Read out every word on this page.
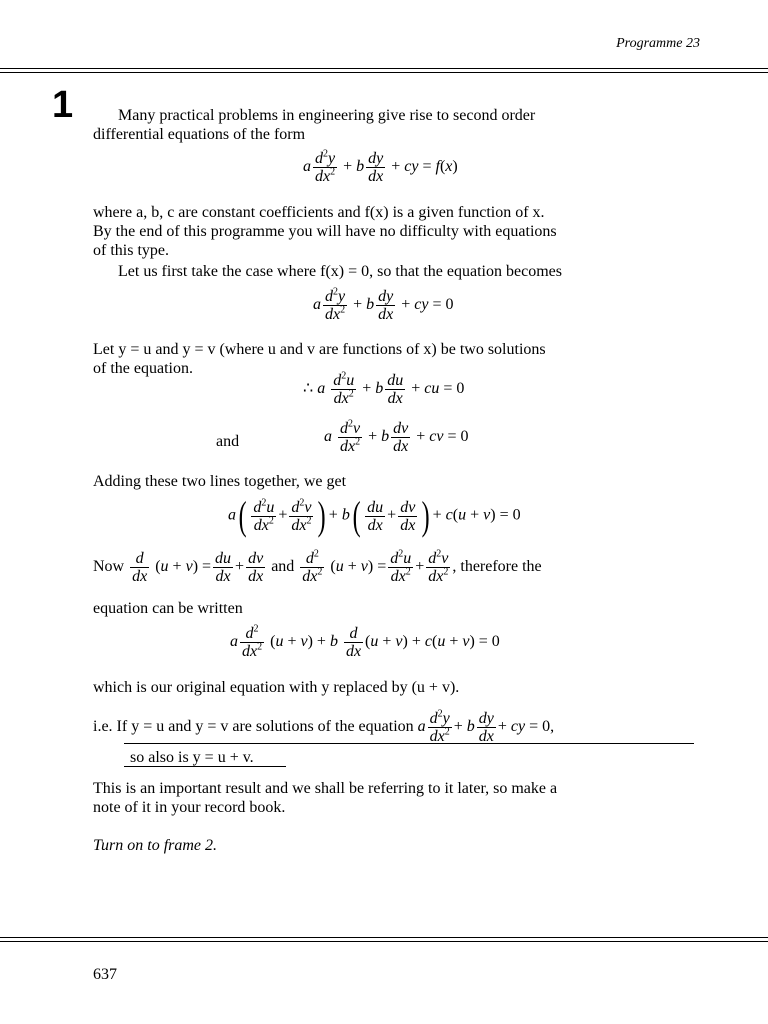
Programme 23
1	Many practical problems in engineering give rise to second order
differential equations of the form
a $\frac{d^2y}{dx^2} + b \frac{dy}{dx}$ + cy = f(x)
where a, b, c are constant coefficients and f(x) is a given function of x.
By the end of this programme you will have no difficulty with equations
of this type.
Let us first take the case where f(x) = 0, so that the equation becomes
a $\frac{d^2y}{dx^2} + b \frac{dy}{dx}$ + cy = 0
Let y = u and y = v (where u and v are functions of x) be two solutions
of the equation.
∴ a $\frac{d^2u}{dx^2} + b \frac{du}{dx}$ + cu = 0
and	a $\frac{d^2v}{dx^2} + b \frac{dv}{dx}$ + cv = 0
Adding these two lines together, we get
$a( \frac{d^2u}{dx^2} + \frac{d^2v}{dx^2}$ ) + $b( \frac{du}{dx} + \frac{dv}{dx}$ ) + c(u + v) = 0
Now $\frac{d}{dx} (u + v) = \frac{du}{dx} + \frac{dv}{dx}$ and $\frac{d^2}{dx^2} (u + v) = \frac{d^2u}{dx^2} + \frac{d^2v}{dx^2}$ , therefore the
equation can be written
a $\frac{d^2}{dx^2} (u + v) + b \frac{d}{dx} (u + v) + c(u + v) = 0$
which is our original equation with y replaced by (u + v).
i.e. If y = u and y = v are solutions of the equation a $\frac{d^2y}{dx^2} + b \frac{dy}{dx}$ + cy = 0,
so also is y = u + v.
This is an important result and we shall be referring to it later, so make a
note of it in your record book.
Turn on to frame 2.
637
